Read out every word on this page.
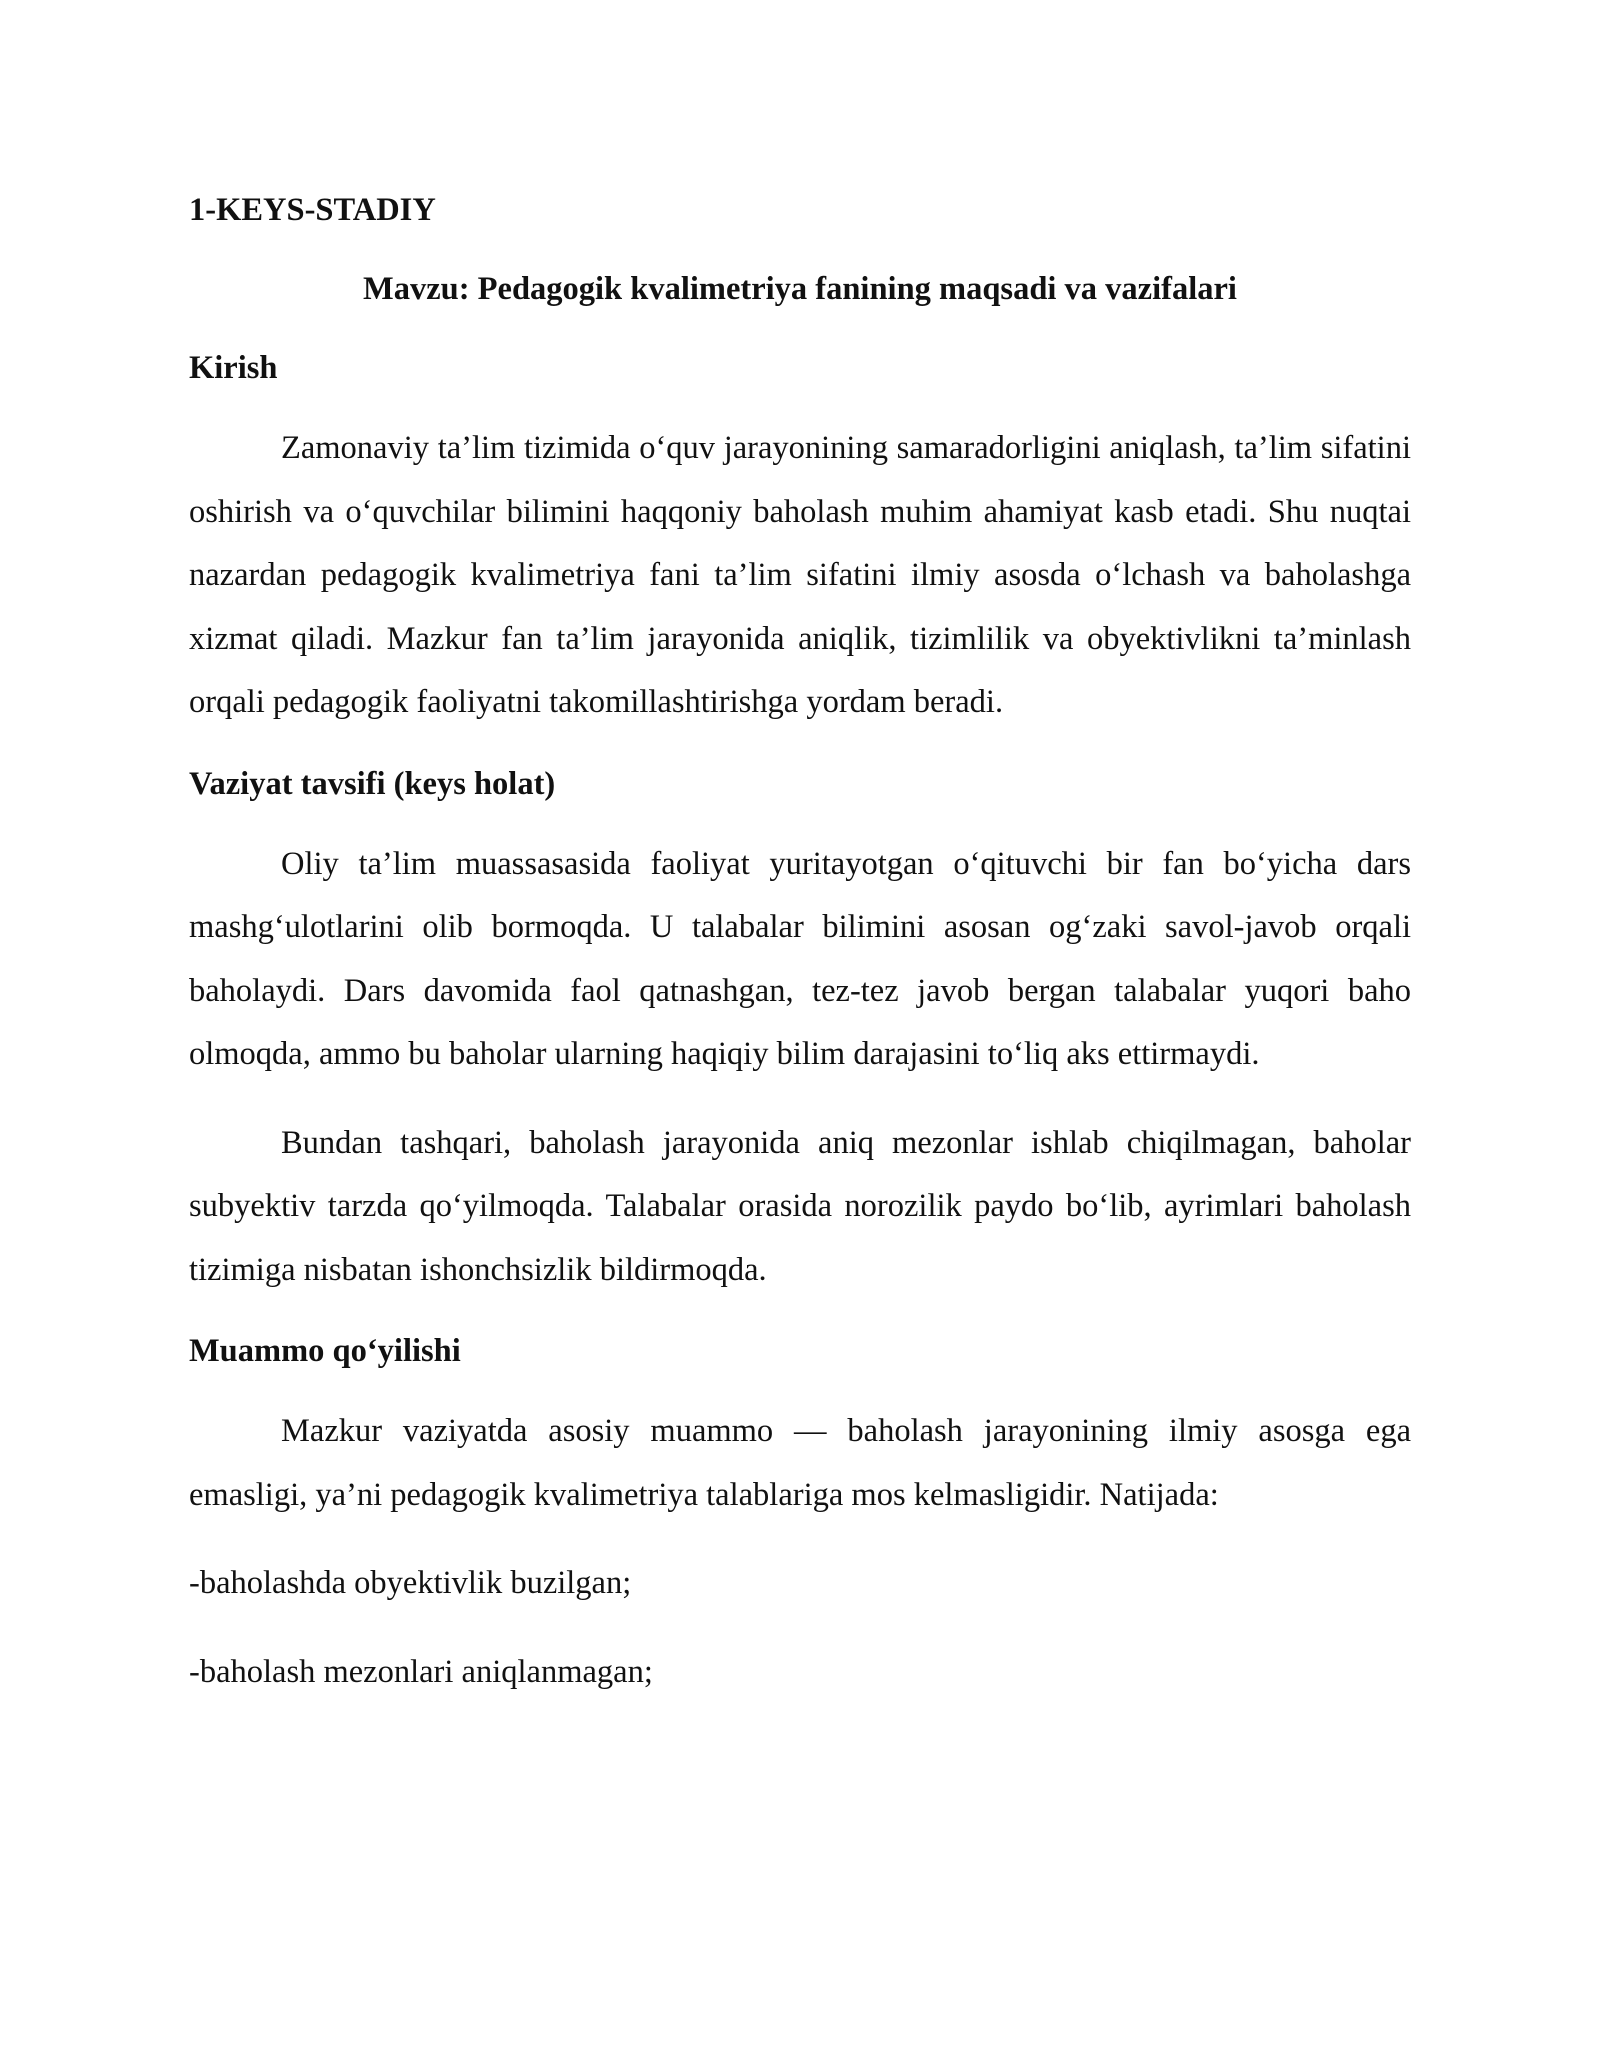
1-KEYS-STADIY
Mavzu: Pedagogik kvalimetriya fanining maqsadi va vazifalari
Kirish

Zamonaviy ta’lim tizimida o‘quv jarayonining samaradorligini aniqlash, ta’lim sifatini oshirish va o‘quvchilar bilimini haqqoniy baholash muhim ahamiyat kasb etadi. Shu nuqtai nazardan pedagogik kvalimetriya fani ta’lim sifatini ilmiy asosda o‘lchash va baholashga xizmat qiladi. Mazkur fan ta’lim jarayonida aniqlik, tizimlilik va obyektivlikni ta’minlash orqali pedagogik faoliyatni takomillashtirishga yordam beradi.

Vaziyat tavsifi (keys holat)

Oliy ta’lim muassasasida faoliyat yuritayotgan o‘qituvchi bir fan bo‘yicha dars mashg‘ulotlarini olib bormoqda. U talabalar bilimini asosan og‘zaki savol-javob orqali baholaydi. Dars davomida faol qatnashgan, tez-tez javob bergan talabalar yuqori baho olmoqda, ammo bu baholar ularning haqiqiy bilim darajasini to‘liq aks ettirmaydi.

Bundan tashqari, baholash jarayonida aniq mezonlar ishlab chiqilmagan, baholar subyektiv tarzda qo‘yilmoqda. Talabalar orasida norozilik paydo bo‘lib, ayrimlari baholash tizimiga nisbatan ishonchsizlik bildirmoqda.

Muammo qo‘yilishi

Mazkur vaziyatda asosiy muammo — baholash jarayonining ilmiy asosga ega emasligi, ya’ni pedagogik kvalimetriya talablariga mos kelmasligidir. Natijada:

-baholashda obyektivlik buzilgan;
-baholash mezonlari aniqlanmagan;
